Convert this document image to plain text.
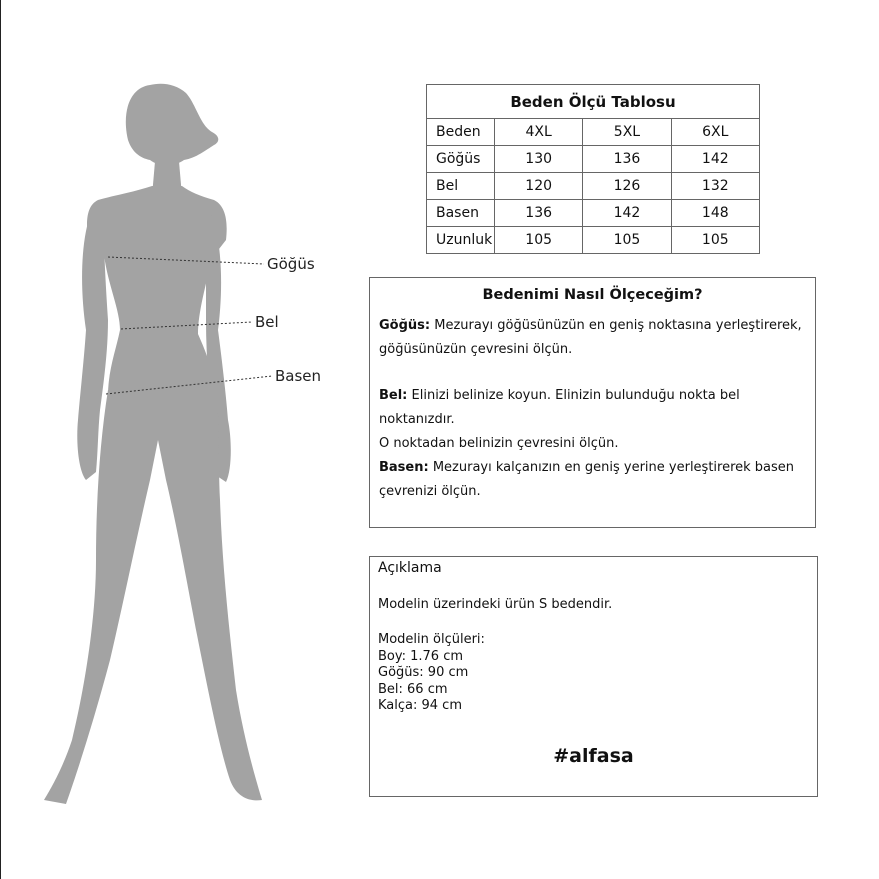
Göğüs
Bel
Basen
Beden Ölçü Tablosu			
Beden	4XL	5XL	6XL
Göğüs	130	136	142
Bel	120	126	132
Basen	136	142	148
Uzunluk	105	105	105
Bedenimi Nasıl Ölçeceğim?
Göğüs: Mezurayı göğüsünüzün en geniş noktasına yerleştirerek,
göğüsünüzün çevresini ölçün.
Bel: Elinizi belinize koyun. Elinizin bulunduğu nokta bel noktanızdır.
O noktadan belinizin çevresini ölçün.
Basen: Mezurayı kalçanızın en geniş yerine yerleştirerek basen
çevrenizi ölçün.
Açıklama
Modelin üzerindeki ürün S bedendir.
Modelin ölçüleri:
Boy: 1.76 cm
Göğüs: 90 cm
Bel: 66 cm
Kalça: 94 cm
#alfasa
